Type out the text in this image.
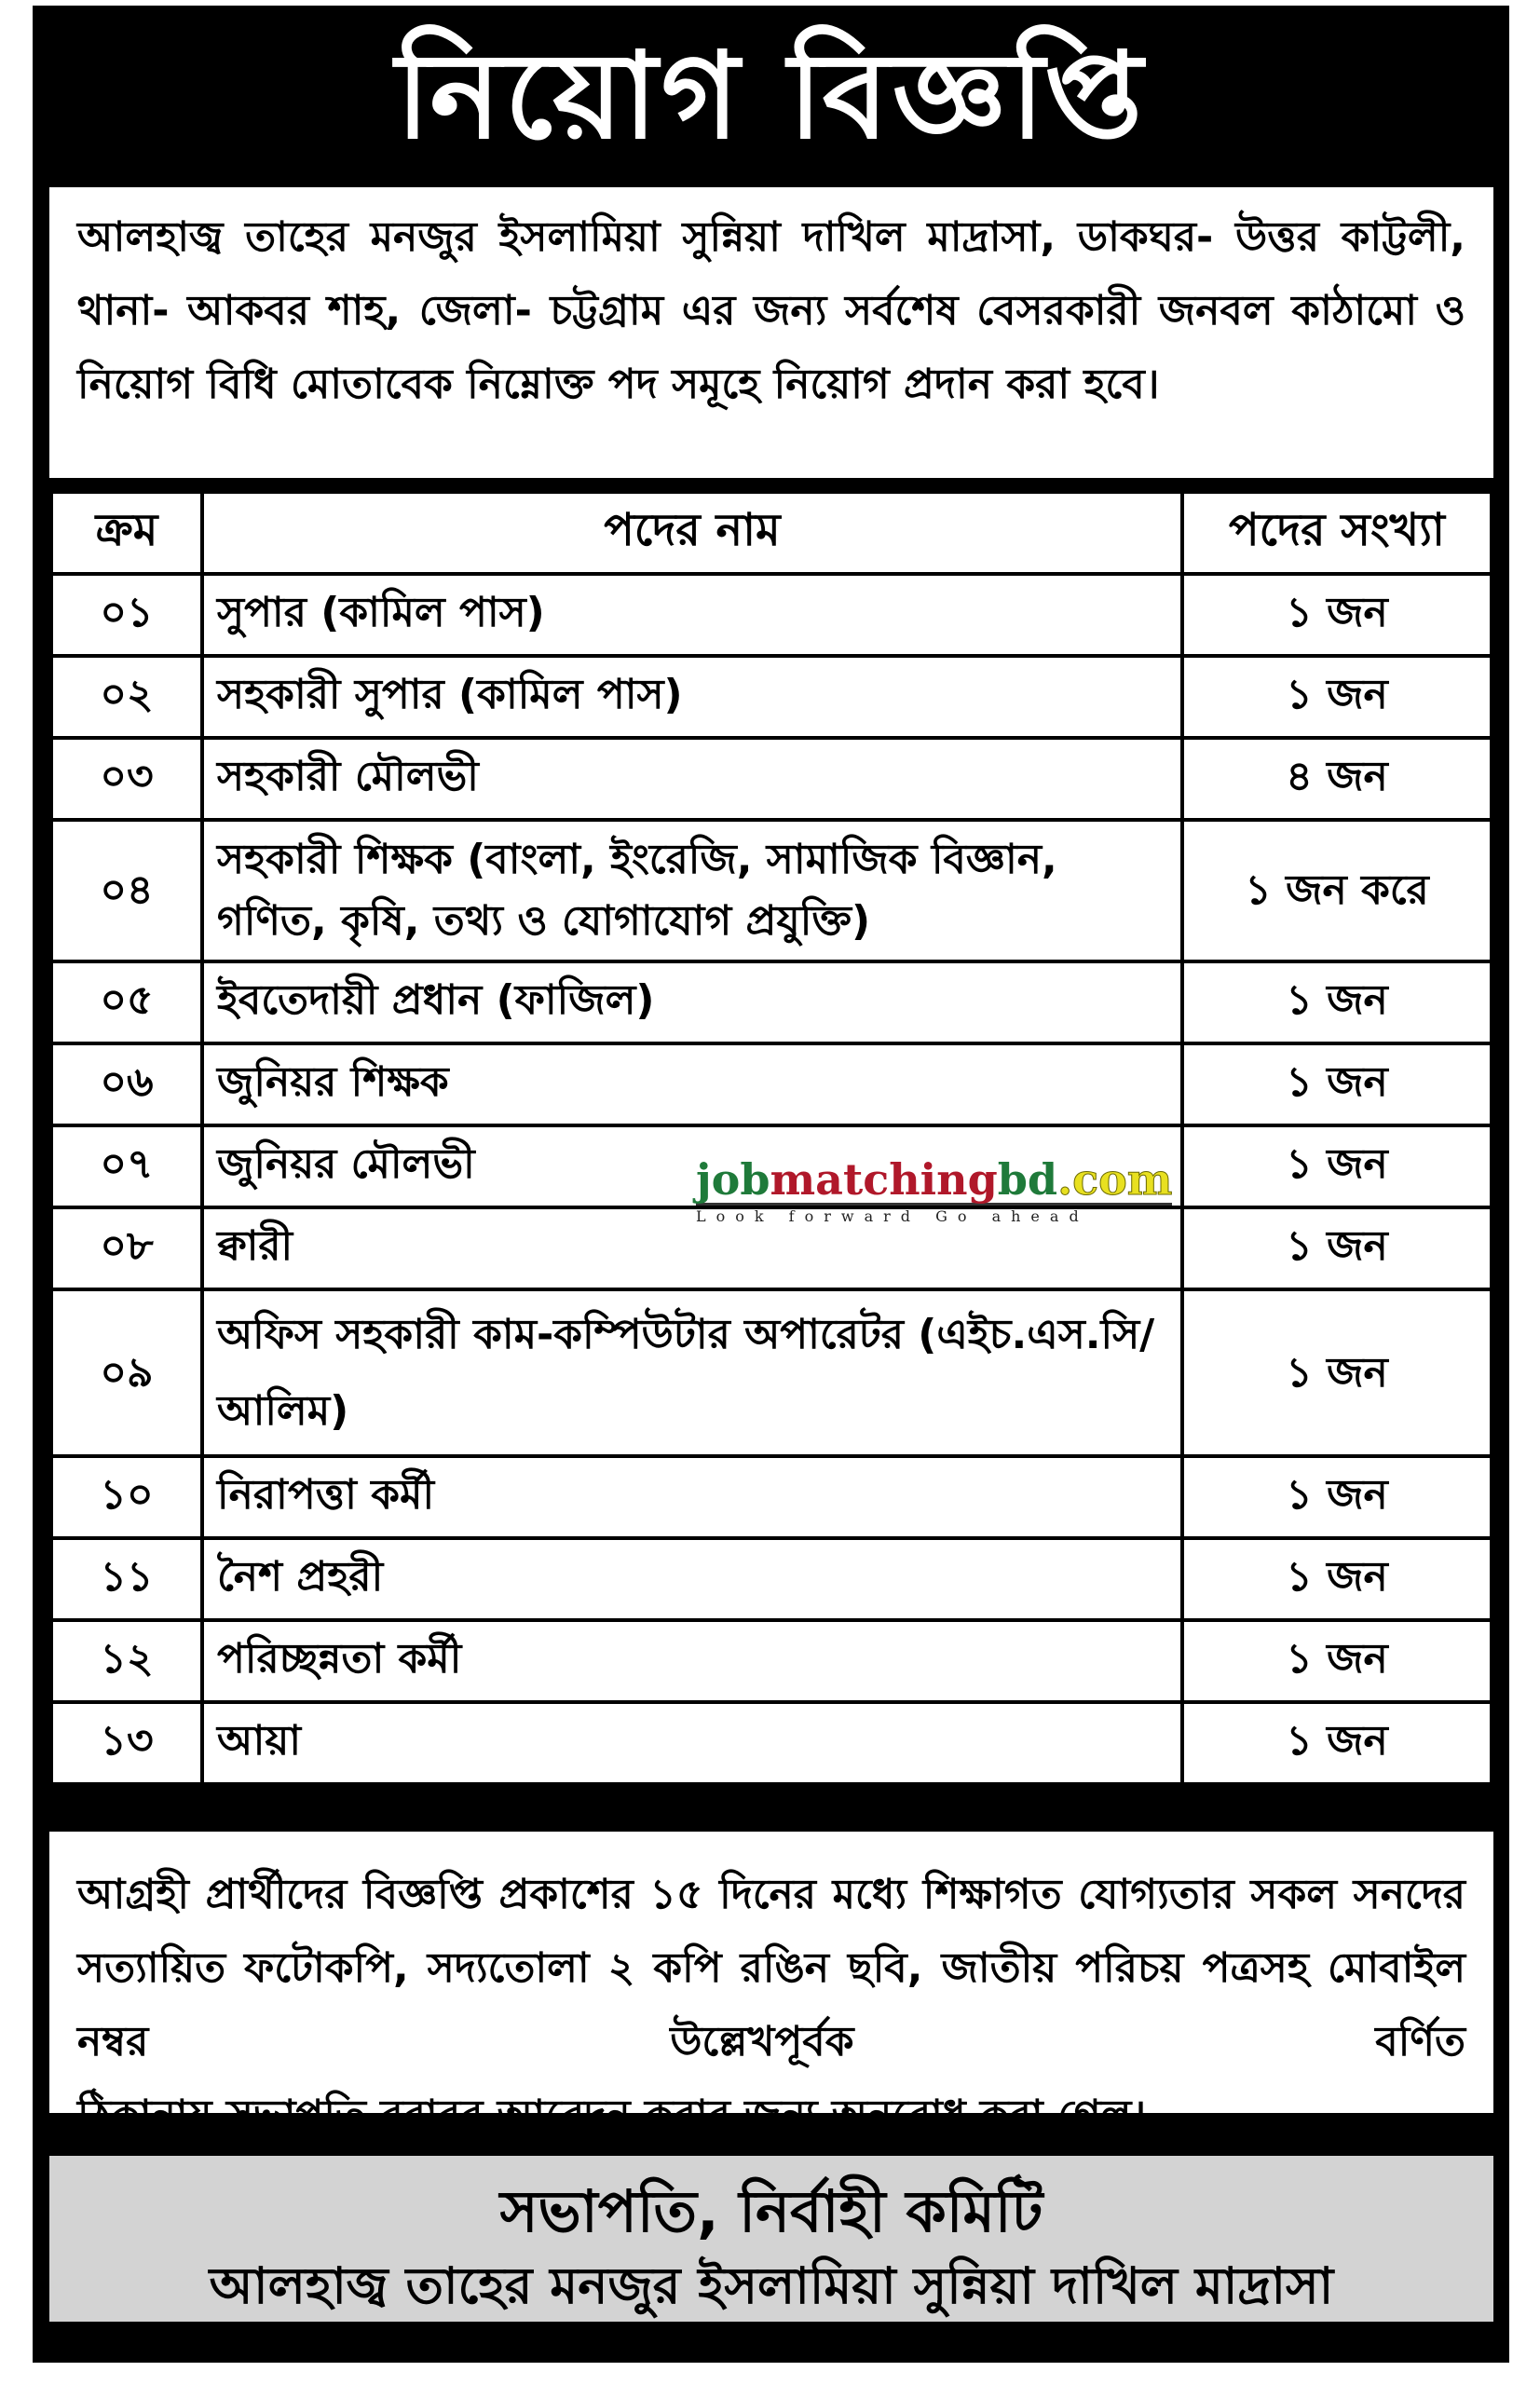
নিয়োগ বিজ্ঞপ্তি
আলহাজ্ব তাহের মনজুর ইসলামিয়া সুন্নিয়া দাখিল মাদ্রাসা, ডাকঘর- উত্তর কাট্টলী, থানা- আকবর শাহ, জেলা- চট্টগ্রাম এর জন্য সর্বশেষ বেসরকারী জনবল কাঠামো ও নিয়োগ বিধি মোতাবেক নিম্নোক্ত পদ সমূহে নিয়োগ প্রদান করা হবে।
ক্রম	পদের নাম	পদের সংখ্যা
০১	সুপার (কামিল পাস)	১ জন
০২	সহকারী সুপার (কামিল পাস)	১ জন
০৩	সহকারী মৌলভী	৪ জন
০৪	সহকারী শিক্ষক (বাংলা, ইংরেজি, সামাজিক বিজ্ঞান, গণিত, কৃষি, তথ্য ও যোগাযোগ প্রযুক্তি)	১ জন করে
০৫	ইবতেদায়ী প্রধান (ফাজিল)	১ জন
০৬	জুনিয়র শিক্ষক	১ জন
০৭	জুনিয়র মৌলভী	১ জন
০৮	ক্বারী	১ জন
০৯	অফিস সহকারী কাম-কম্পিউটার অপারেটর (এইচ.এস.সি/আলিম)	১ জন
১০	নিরাপত্তা কর্মী	১ জন
১১	নৈশ প্রহরী	১ জন
১২	পরিচ্ছন্নতা কর্মী	১ জন
১৩	আয়া	১ জন
jobmatchingbd.com
Look forward Go ahead
আগ্রহী প্রার্থীদের বিজ্ঞপ্তি প্রকাশের ১৫ দিনের মধ্যে শিক্ষাগত যোগ্যতার সকল সনদের সত্যায়িত ফটোকপি, সদ্যতোলা ২ কপি রঙিন ছবি, জাতীয় পরিচয় পত্রসহ মোবাইল নম্বর উল্লেখপূর্বক বর্ণিত
ঠিকানায় সভাপতি বরাবর আবেদন করার জন্য অনুরোধ করা গেল।
সভাপতি, নির্বাহী কমিটি
আলহাজ্ব তাহের মনজুর ইসলামিয়া সুন্নিয়া দাখিল মাদ্রাসা
